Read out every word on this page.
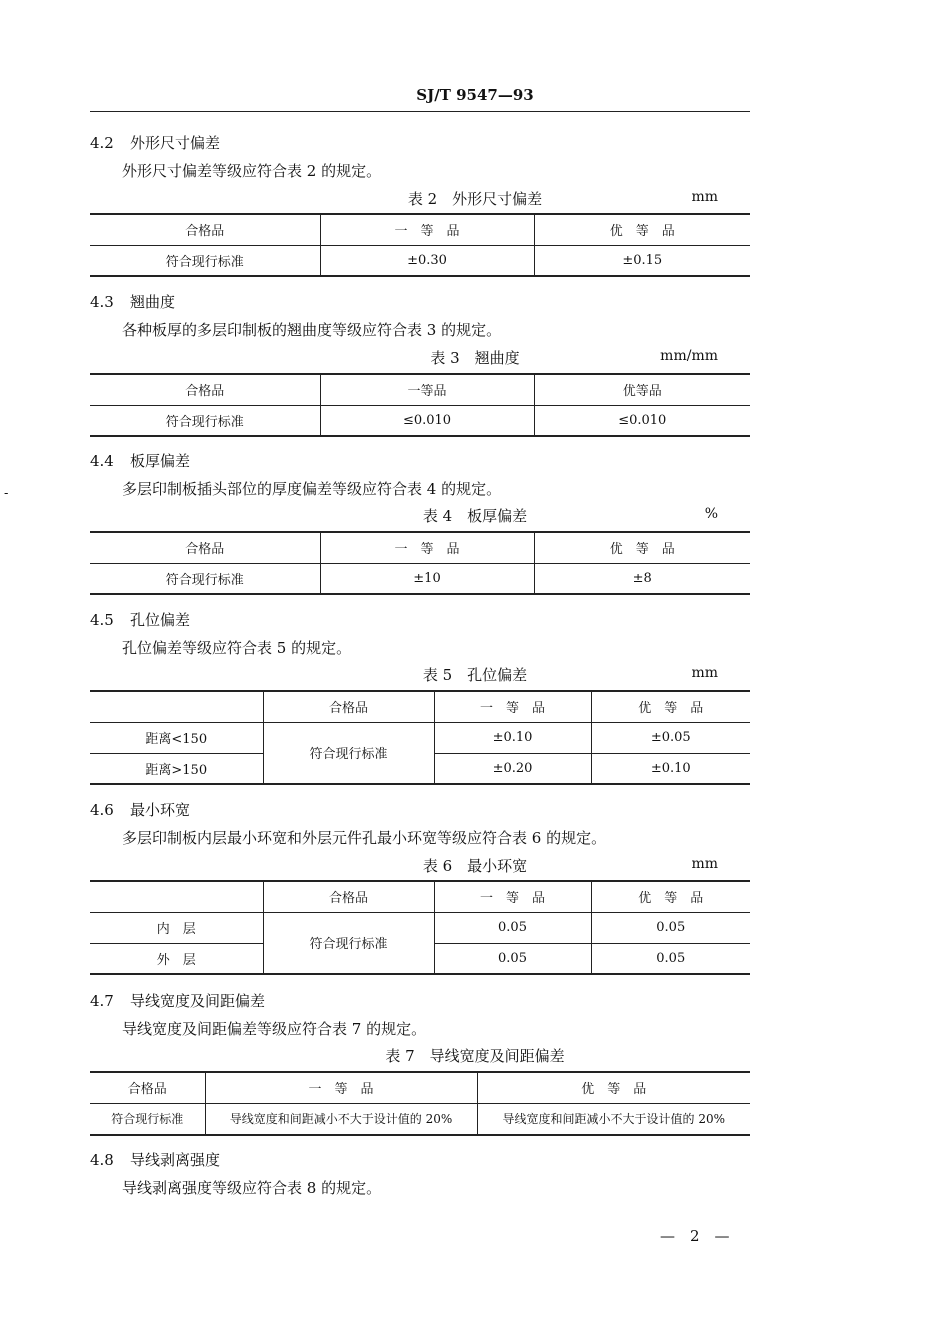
SJ/T 9547—93
4.2 外形尺寸偏差
外形尺寸偏差等级应符合表 2 的规定。
表 2　外形尺寸偏差	mm
合格品	一　等　品	优　等　品
符合现行标准	±0.30	±0.15
4.3 翘曲度
各种板厚的多层印制板的翘曲度等级应符合表 3 的规定。
表 3　翘曲度	mm/mm
合格品	一等品	优等品
符合现行标准	≤0.010	≤0.010
4.4 板厚偏差
多层印制板插头部位的厚度偏差等级应符合表 4 的规定。
表 4　板厚偏差	%
合格品	一　等　品	优　等　品
符合现行标准	±10	±8
4.5 孔位偏差
孔位偏差等级应符合表 5 的规定。
表 5　孔位偏差	mm
	合格品	一　等　品	优　等　品
距离<150	符合现行标准	±0.10	±0.05
距离>150		±0.20	±0.10
4.6 最小环宽
多层印制板内层最小环宽和外层元件孔最小环宽等级应符合表 6 的规定。
表 6　最小环宽	mm
	合格品	一　等　品	优　等　品
内　层	符合现行标准	0.05	0.05
外　层		0.05	0.05
4.7 导线宽度及间距偏差
导线宽度及间距偏差等级应符合表 7 的规定。
表 7　导线宽度及间距偏差
合格品	一　等　品	优　等　品
符合现行标准	导线宽度和间距减小不大于设计值的 20%	导线宽度和间距减小不大于设计值的 20%
4.8 导线剥离强度
导线剥离强度等级应符合表 8 的规定。
—　2　—
-
